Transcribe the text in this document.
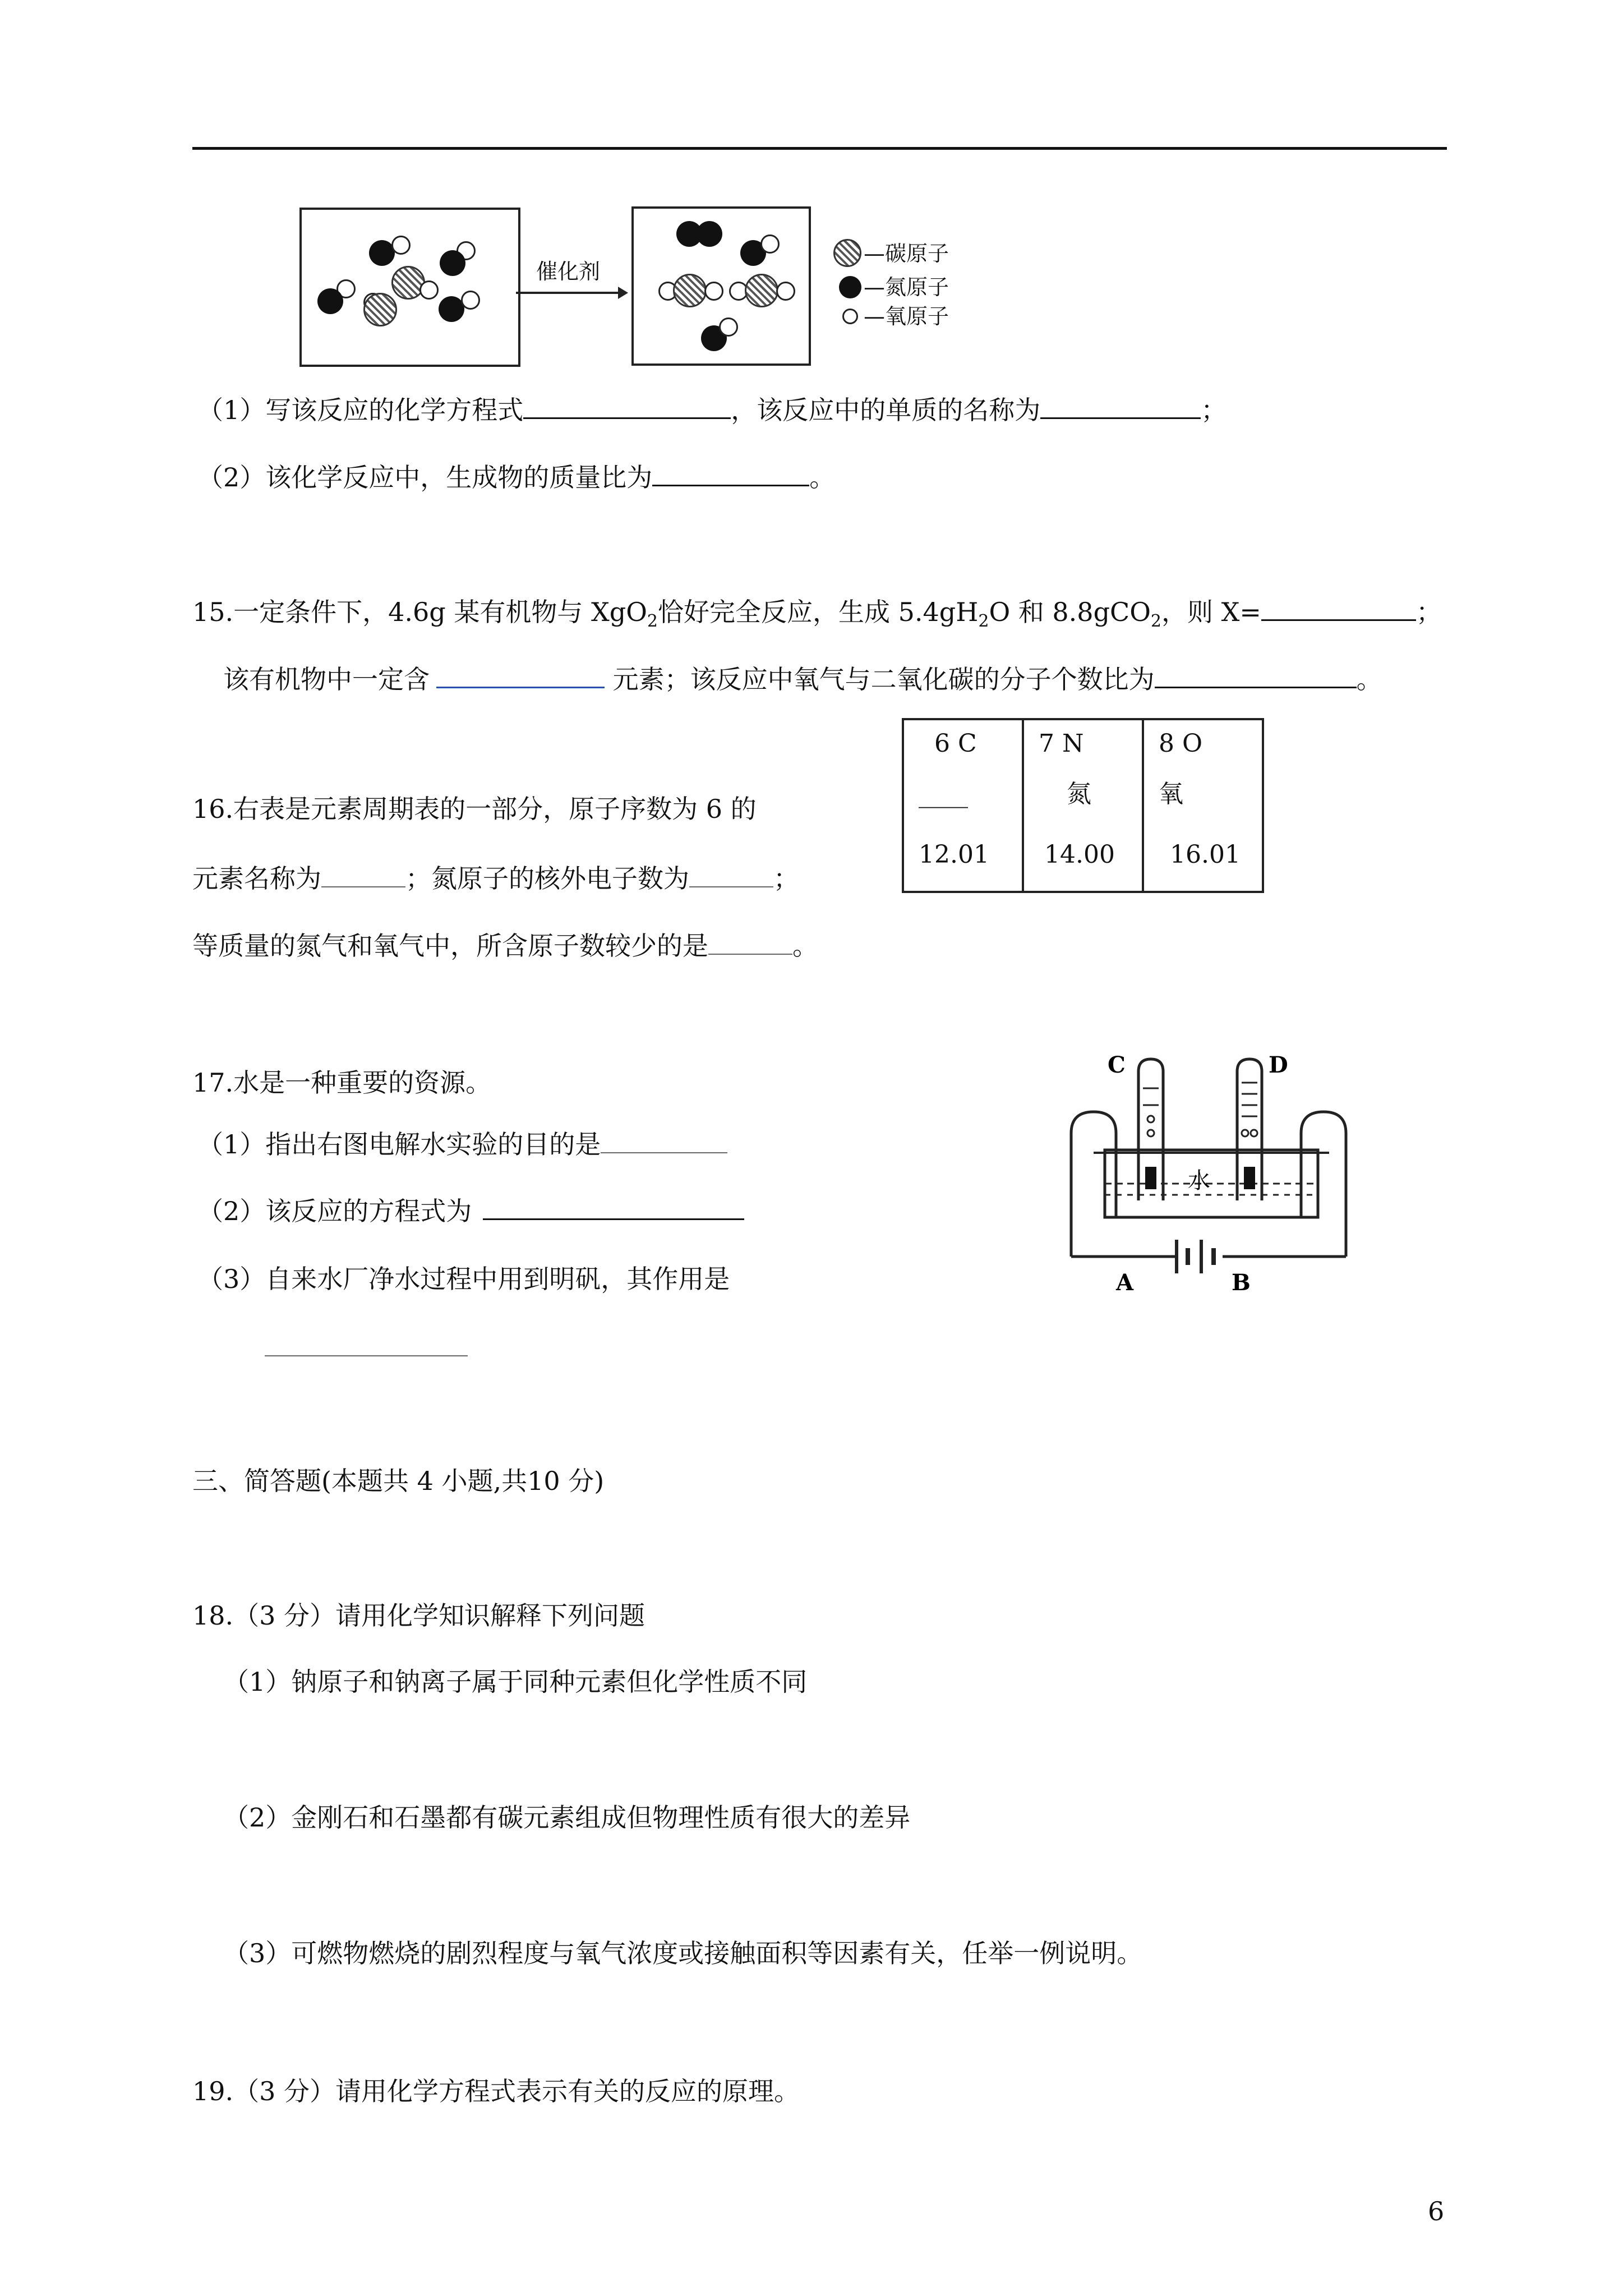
催化剂
—碳原子
—氮原子
—氧原子
（1）写该反应的化学方程式	，该反应中的单质的名称为	；
（2）该化学反应中，生成物的质量比为	。
15.一定条件下，4.6g 某有机物与 XgO$_2$恰好完全反应，生成 $5.4gH_2O$ 和 8.8gCO$_2$，则 X=	；
该有机物中一定含	元素；该反应中氧气与二氧化碳的分子个数比为	。
16.右表是元素周期表的一部分，原子序数为 6 的
元素名称为	；氮原子的核外电子数为	；
等质量的氮气和氧气中，所含原子数较少的是	。
6 C
____
12.01

7 N
氮
14.00

8 O
氧
16.01
17.水是一种重要的资源。
（1）指出右图电解水实验的目的是
（2）该反应的方程式为
（3）自来水厂净水过程中用到明矾，其作用是
C	D
A	B
水
三、简答题(本题共 4 小题,共10 分)
18.（3 分）请用化学知识解释下列问题
（1）钠原子和钠离子属于同种元素但化学性质不同
（2）金刚石和石墨都有碳元素组成但物理性质有很大的差异
（3）可燃物燃烧的剧烈程度与氧气浓度或接触面积等因素有关，任举一例说明。
19.（3 分）请用化学方程式表示有关的反应的原理。
6
